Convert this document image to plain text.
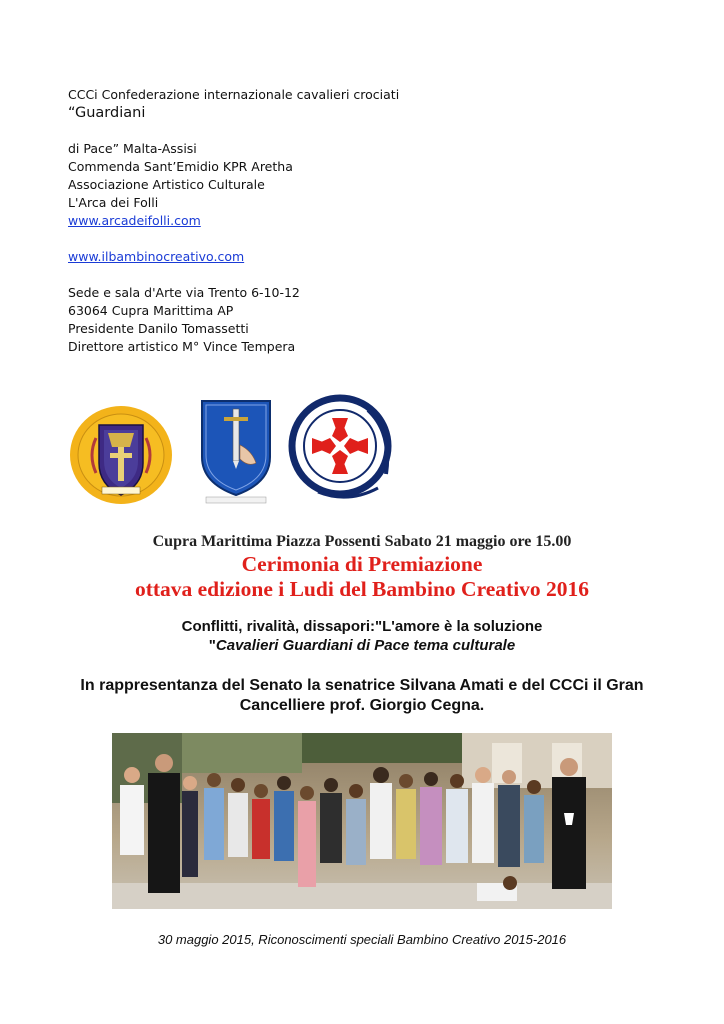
CCCi Confederazione internazionale cavalieri crociati
“Guardiani
di Pace” Malta-Assisi
Commenda Sant’Emidio KPR Aretha
Associazione Artistico Culturale
L'Arca dei Folli
www.arcadeifolli.com
www.ilbambinocreativo.com
Sede e sala d'Arte via Trento 6-10-12
63064 Cupra Marittima AP
Presidente Danilo Tomassetti
Direttore artistico M° Vince Tempera
Cupra Marittima Piazza Possenti Sabato 21 maggio ore 15.00
Cerimonia di Premiazione
ottava edizione i Ludi del Bambino Creativo 2016
Conflitti, rivalità, dissapori:"L'amore è la soluzione
"Cavalieri Guardiani di Pace tema culturale
In rappresentanza del Senato la senatrice Silvana Amati e del CCCi il Gran
Cancelliere prof. Giorgio Cegna.
30 maggio 2015, Riconoscimenti speciali Bambino Creativo 2015-2016
